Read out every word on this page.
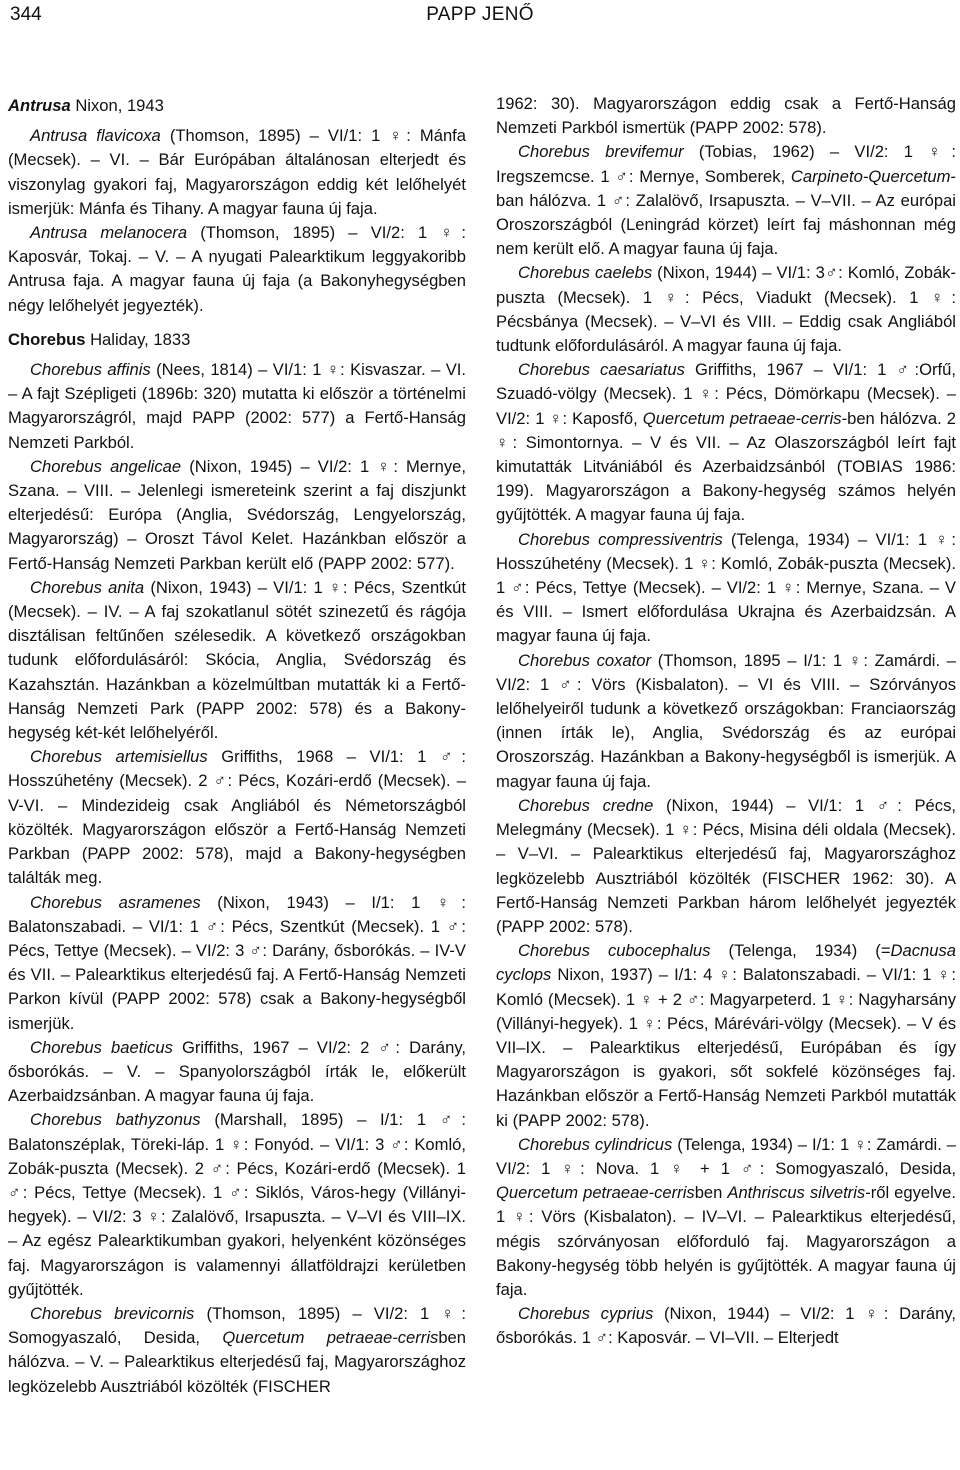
344	PAPP JENŐ

Antrusa Nixon, 1943

Antrusa flavicoxa (Thomson, 1895) – VI/1: 1 ♀: Mánfa (Mecsek). – VI. – Bár Európában általánosan elterjedt és viszonylag gyakori faj, Magyarországon eddig két lelőhelyét ismerjük: Mánfa és Tihany. A magyar fauna új faja.

Antrusa melanocera (Thomson, 1895) – VI/2: 1 ♀: Kaposvár, Tokaj. – V. – A nyugati Palearktikum leggyakoribb Antrusa faja. A magyar fauna új faja (a Bakonyhegységben négy lelőhelyét jegyezték).

Chorebus Haliday, 1833

Chorebus affinis (Nees, 1814) – VI/1: 1 ♀: Kisvaszar. – VI. – A fajt Szépligeti (1896b: 320) mutatta ki először a történelmi Magyarországról, majd PAPP (2002: 577) a Fertő-Hanság Nemzeti Parkból.

Chorebus angelicae (Nixon, 1945) – VI/2: 1 ♀: Mernye, Szana. – VIII. – Jelenlegi ismereteink szerint a faj diszjunkt elterjedésű: Európa (Anglia, Svédország, Lengyelország, Magyarország) – Oroszt Távol Kelet. Hazánkban először a Fertő-Hanság Nemzeti Parkban került elő (PAPP 2002: 577).

Chorebus anita (Nixon, 1943) – VI/1: 1 ♀: Pécs, Szentkút (Mecsek). – IV. – A faj szokatlanul sötét szinezetű és rágója disztálisan feltűnően szélesedik. A következő országokban tudunk előfordulásáról: Skócia, Anglia, Svédország és Kazahsztán. Hazánkban a közelmúltban mutatták ki a Fertő-Hanság Nemzeti Park (PAPP 2002: 578) és a Bakony-hegység két-két lelőhelyéről.

Chorebus artemisiellus Griffiths, 1968 – VI/1: 1 ♂: Hosszúhetény (Mecsek). 2 ♂: Pécs, Kozári-erdő (Mecsek). – V-VI. – Mindezideig csak Angliából és Németországból közölték. Magyarországon először a Fertő-Hanság Nemzeti Parkban (PAPP 2002: 578), majd a Bakony-hegységben találták meg.

Chorebus asramenes (Nixon, 1943) – I/1: 1 ♀: Balatonszabadi. – VI/1: 1 ♂: Pécs, Szentkút (Mecsek). 1 ♂: Pécs, Tettye (Mecsek). – VI/2: 3 ♂: Darány, ősborókás. – IV-V és VII. – Palearktikus elterjedésű faj. A Fertő-Hanság Nemzeti Parkon kívül (PAPP 2002: 578) csak a Bakony-hegységből ismerjük.

Chorebus baeticus Griffiths, 1967 – VI/2: 2 ♂: Darány, ősborókás. – V. – Spanyolországból írták le, előkerült Azerbaidzsánban. A magyar fauna új faja.

Chorebus bathyzonus (Marshall, 1895) – I/1: 1 ♂: Balatonszéplak, Töreki-láp. 1 ♀: Fonyód. – VI/1: 3 ♂: Komló, Zobák-puszta (Mecsek). 2 ♂: Pécs, Kozári-erdő (Mecsek). 1 ♂: Pécs, Tettye (Mecsek). 1 ♂: Siklós, Város-hegy (Villányi-hegyek). – VI/2: 3 ♀: Zalalövő, Irsapuszta. – V–VI és VIII–IX. – Az egész Palearktikumban gyakori, helyenként közönséges faj. Magyarországon is valamennyi állatföldrajzi kerületben gyűjtötték.

Chorebus brevicornis (Thomson, 1895) – VI/2: 1 ♀: Somogyaszaló, Desida, Quercetum petraeae-cerrisben hálózva. – V. – Palearktikus elterjedésű faj, Magyarországhoz legközelebb Ausztriából közölték (FISCHER

1962: 30). Magyarországon eddig csak a Fertő-Hanság Nemzeti Parkból ismertük (PAPP 2002: 578).

Chorebus brevifemur (Tobias, 1962) – VI/2: 1 ♀: Iregszemcse. 1 ♂: Mernye, Somberek, Carpineto-Quercetum-ban hálózva. 1 ♂: Zalalövő, Irsapuszta. – V–VII. – Az európai Oroszországból (Leningrád körzet) leírt faj máshonnan még nem került elő. A magyar fauna új faja.

Chorebus caelebs (Nixon, 1944) – VI/1: 3♂: Komló, Zobák-puszta (Mecsek). 1 ♀: Pécs, Viadukt (Mecsek). 1 ♀: Pécsbánya (Mecsek). – V–VI és VIII. – Eddig csak Angliából tudtunk előfordulásáról. A magyar fauna új faja.

Chorebus caesariatus Griffiths, 1967 – VI/1: 1 ♂:Orfű, Szuadó-völgy (Mecsek). 1 ♀: Pécs, Dömörkapu (Mecsek). – VI/2: 1 ♀: Kaposfő, Quercetum petraeae-cerris-ben hálózva. 2 ♀: Simontornya. – V és VII. – Az Olaszországból leírt fajt kimutatták Litvániából és Azerbaidzsánból (TOBIAS 1986: 199). Magyarországon a Bakony-hegység számos helyén gyűjtötték. A magyar fauna új faja.

Chorebus compressiventris (Telenga, 1934) – VI/1: 1 ♀: Hosszúhetény (Mecsek). 1 ♀: Komló, Zobák-puszta (Mecsek). 1 ♂: Pécs, Tettye (Mecsek). – VI/2: 1 ♀: Mernye, Szana. – V és VIII. – Ismert előfordulása Ukrajna és Azerbaidzsán. A magyar fauna új faja.

Chorebus coxator (Thomson, 1895 – I/1: 1 ♀: Zamárdi. – VI/2: 1 ♂: Vörs (Kisbalaton). – VI és VIII. – Szórványos lelőhelyeiről tudunk a következő országokban: Franciaország (innen írták le), Anglia, Svédország és az európai Oroszország. Hazánkban a Bakony-hegységből is ismerjük. A magyar fauna új faja.

Chorebus credne (Nixon, 1944) – VI/1: 1 ♂: Pécs, Melegmány (Mecsek). 1 ♀: Pécs, Misina déli oldala (Mecsek). – V–VI. – Palearktikus elterjedésű faj, Magyarországhoz legközelebb Ausztriából közölték (FISCHER 1962: 30). A Fertő-Hanság Nemzeti Parkban három lelőhelyét jegyezték (PAPP 2002: 578).

Chorebus cubocephalus (Telenga, 1934) (=Dacnusa cyclops Nixon, 1937) – I/1: 4 ♀: Balatonszabadi. – VI/1: 1 ♀: Komló (Mecsek). 1 ♀ + 2 ♂: Magyarpeterd. 1 ♀: Nagyharsány (Villányi-hegyek). 1 ♀: Pécs, Márévári-völgy (Mecsek). – V és VII–IX. – Palearktikus elterjedésű, Európában és így Magyarországon is gyakori, sőt sokfelé közönséges faj. Hazánkban először a Fertő-Hanság Nemzeti Parkból mutatták ki (PAPP 2002: 578).

Chorebus cylindricus (Telenga, 1934) – I/1: 1 ♀: Zamárdi. – VI/2: 1 ♀: Nova. 1 ♀ + 1 ♂: Somogyaszaló, Desida, Quercetum petraeae-cerrisben Anthriscus silvetris-ről egyelve. 1 ♀: Vörs (Kisbalaton). – IV–VI. – Palearktikus elterjedésű, mégis szórványosan előforduló faj. Magyarországon a Bakony-hegység több helyén is gyűjtötték. A magyar fauna új faja.

Chorebus cyprius (Nixon, 1944) – VI/2: 1 ♀: Darány, ősborókás. 1 ♂: Kaposvár. – VI–VII. – Elterjedt
